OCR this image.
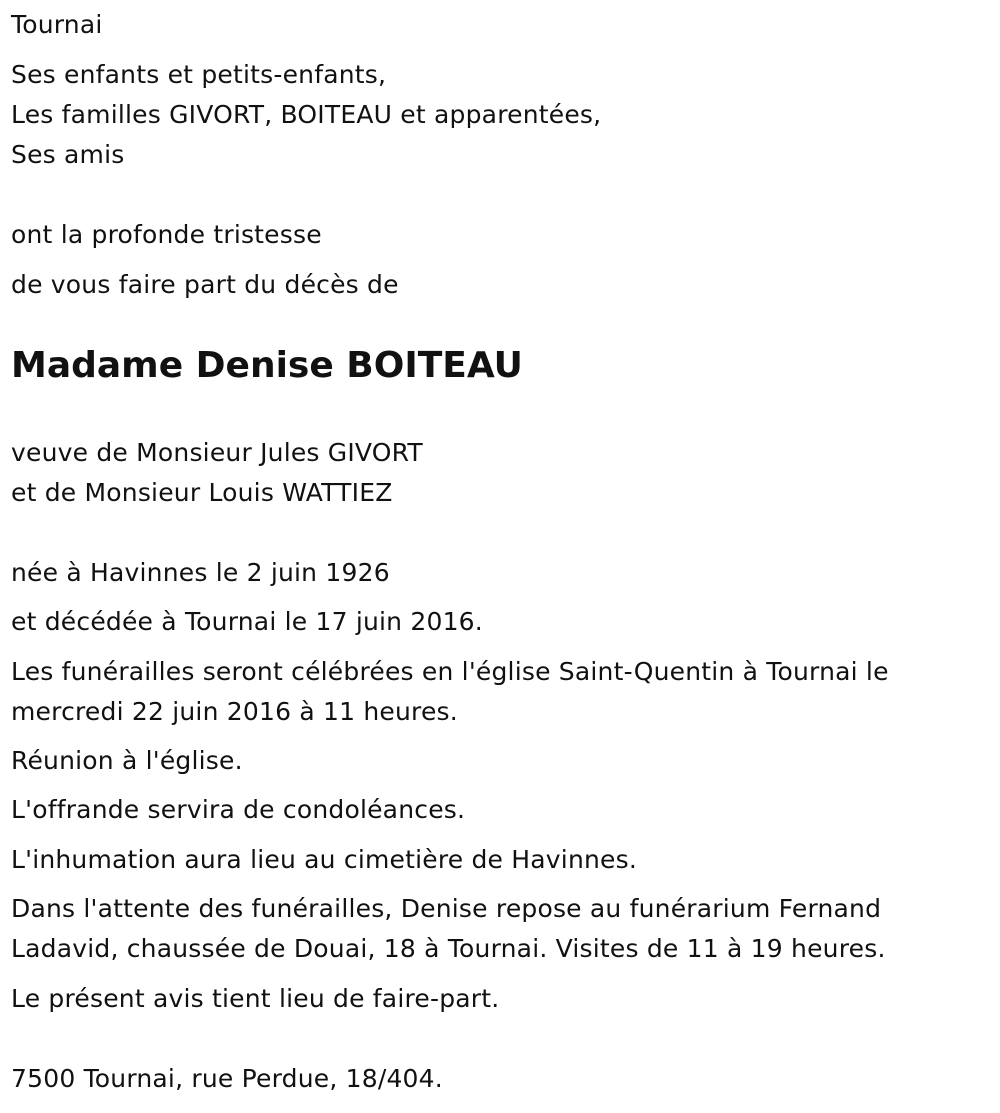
Tournai
Ses enfants et petits-enfants,
Les familles GIVORT, BOITEAU et apparentées,
Ses amis
ont la profonde tristesse
de vous faire part du décès de
Madame Denise BOITEAU
veuve de Monsieur Jules GIVORT
et de Monsieur Louis WATTIEZ
née à Havinnes le 2 juin 1926
et décédée à Tournai le 17 juin 2016.
Les funérailles seront célébrées en l'église Saint-Quentin à Tournai le
mercredi 22 juin 2016 à 11 heures.
Réunion à l'église.
L'offrande servira de condoléances.
L'inhumation aura lieu au cimetière de Havinnes.
Dans l'attente des funérailles, Denise repose au funérarium Fernand
Ladavid, chaussée de Douai, 18 à Tournai. Visites de 11 à 19 heures.
Le présent avis tient lieu de faire-part.
7500 Tournai, rue Perdue, 18/404.
